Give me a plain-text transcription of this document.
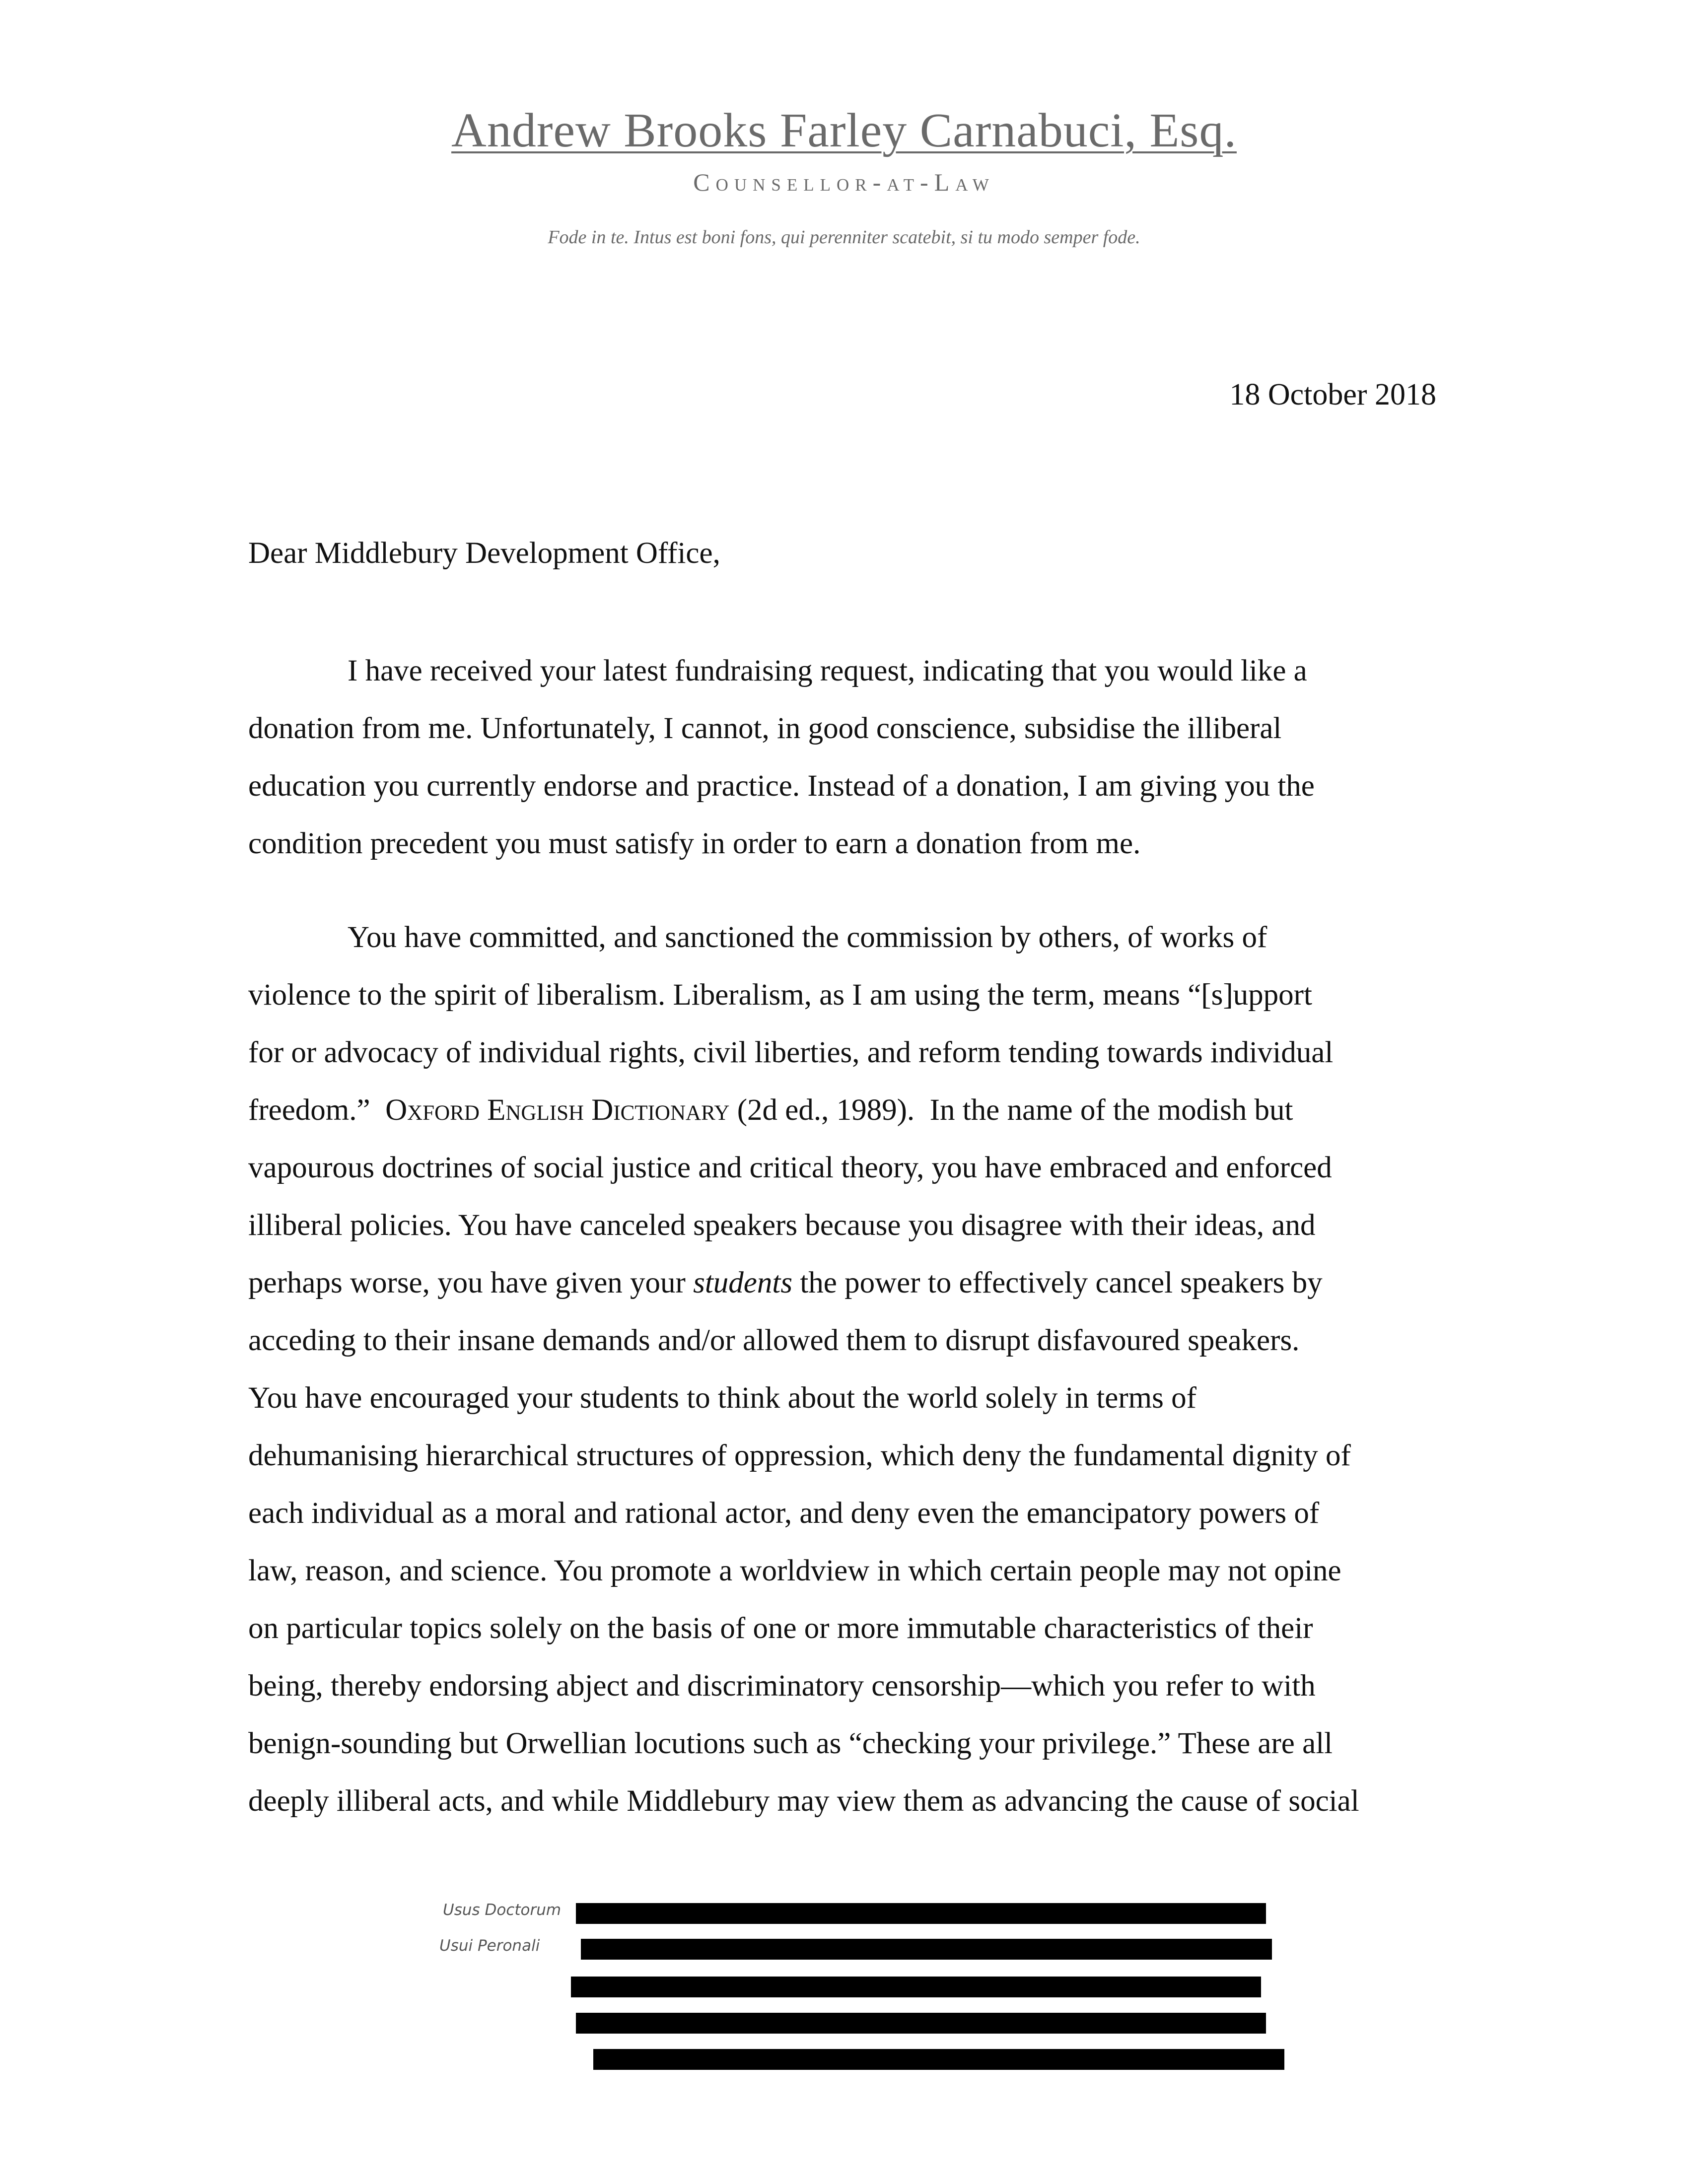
Andrew Brooks Farley Carnabuci, Esq.
Counsellor-at-Law
Fode in te. Intus est boni fons, qui perenniter scatebit, si tu modo semper fode.
18 October 2018
Dear Middlebury Development Office,
I have received your latest fundraising request, indicating that you would like a
donation from me. Unfortunately, I cannot, in good conscience, subsidise the illiberal
education you currently endorse and practice. Instead of a donation, I am giving you the
condition precedent you must satisfy in order to earn a donation from me.
You have committed, and sanctioned the commission by others, of works of
violence to the spirit of liberalism. Liberalism, as I am using the term, means “[s]upport
for or advocacy of individual rights, civil liberties, and reform tending towards individual
freedom.”  Oxford English Dictionary (2d ed., 1989).  In the name of the modish but
vapourous doctrines of social justice and critical theory, you have embraced and enforced
illiberal policies. You have canceled speakers because you disagree with their ideas, and
perhaps worse, you have given your students the power to effectively cancel speakers by
acceding to their insane demands and/or allowed them to disrupt disfavoured speakers.
You have encouraged your students to think about the world solely in terms of
dehumanising hierarchical structures of oppression, which deny the fundamental dignity of
each individual as a moral and rational actor, and deny even the emancipatory powers of
law, reason, and science. You promote a worldview in which certain people may not opine
on particular topics solely on the basis of one or more immutable characteristics of their
being, thereby endorsing abject and discriminatory censorship—which you refer to with
benign-sounding but Orwellian locutions such as “checking your privilege.” These are all
deeply illiberal acts, and while Middlebury may view them as advancing the cause of social
Usus Doctorum
Usui Peronali
